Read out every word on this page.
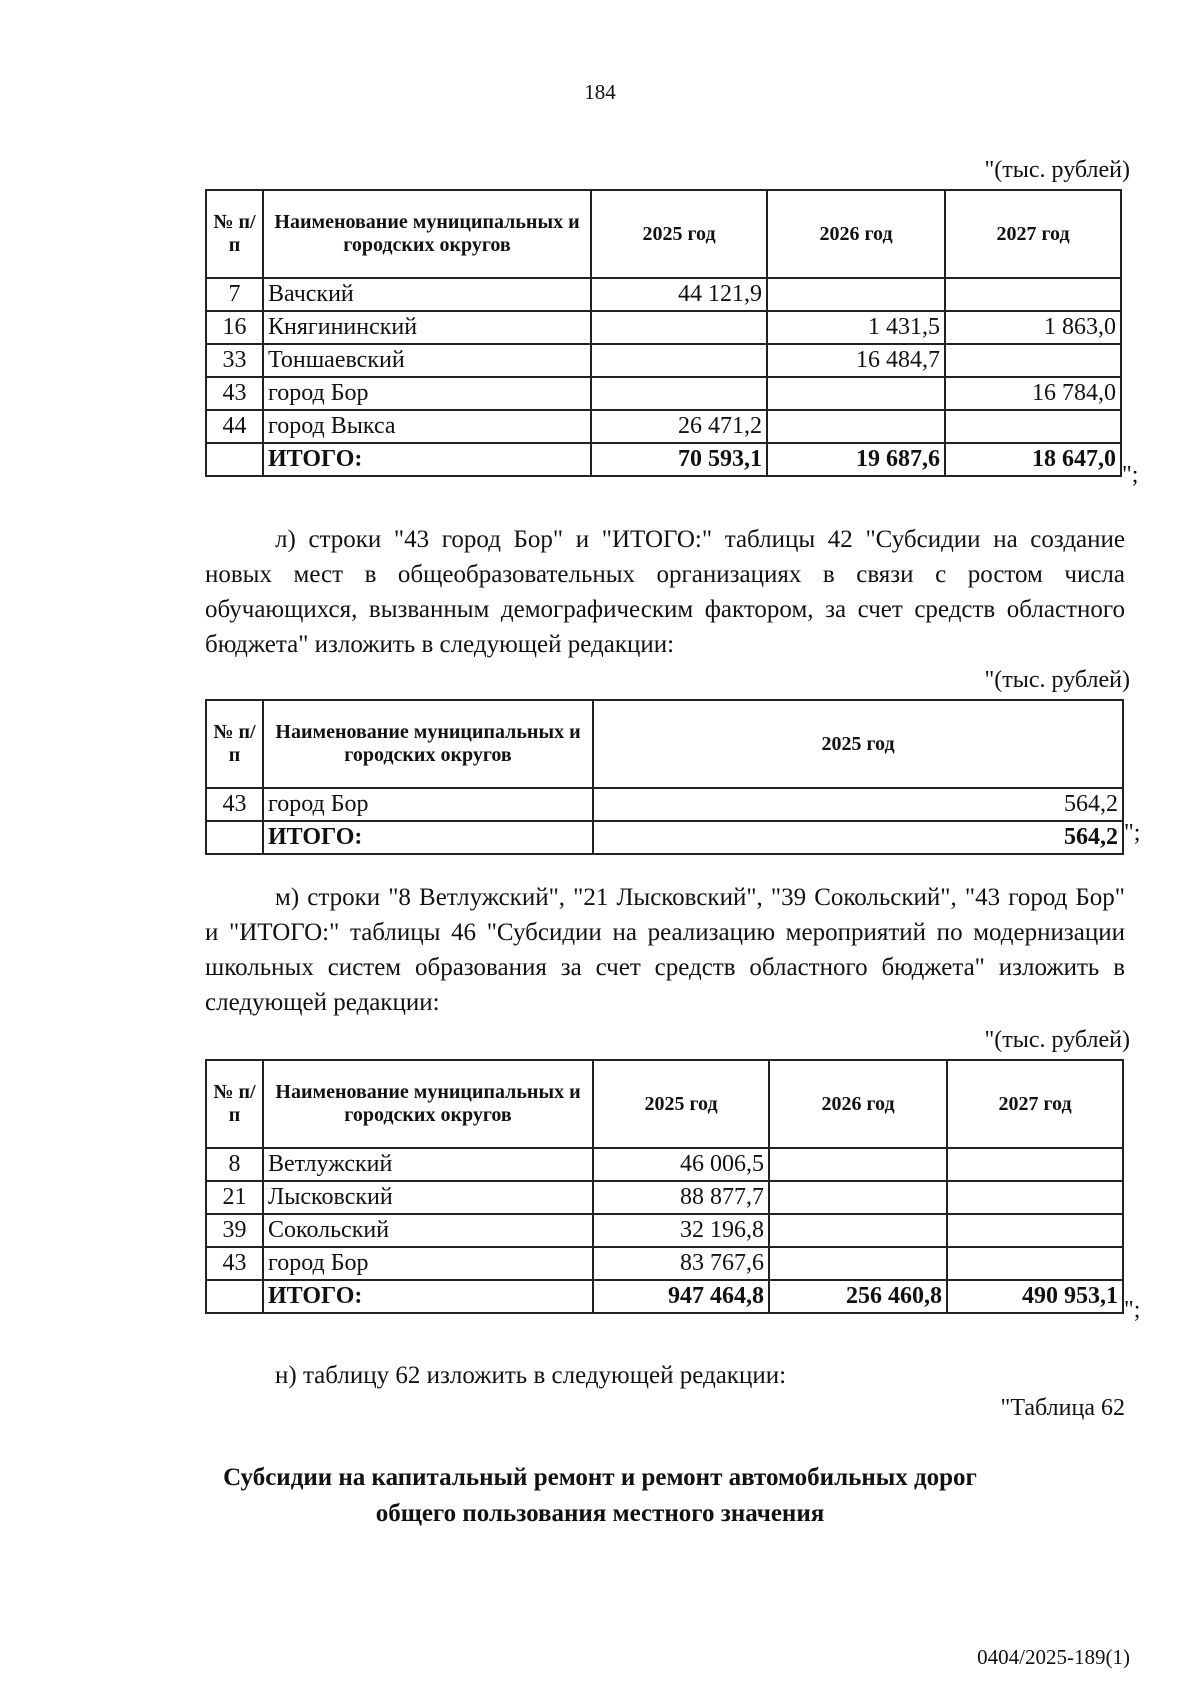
184
"(тыс. рублей)
№ п/п	Наименование муниципальных и городских округов	2025 год	2026 год	2027 год
7	Вачский	44 121,9		
16	Княгининский		1 431,5	1 863,0
33	Тоншаевский		16 484,7	
43	город Бор			16 784,0
44	город Выкса	26 471,2		
	ИТОГО:	70 593,1	19 687,6	18 647,0
";
л) строки "43 город Бор" и "ИТОГО:" таблицы 42 "Субсидии на создание новых мест в общеобразовательных организациях в связи с ростом числа обучающихся, вызванным демографическим фактором, за счет средств областного бюджета" изложить в следующей редакции:
"(тыс. рублей)
№ п/п	Наименование муниципальных и городских округов	2025 год
43	город Бор	564,2
	ИТОГО:	564,2 ";
м) строки "8 Ветлужский", "21 Лысковский", "39 Сокольский", "43 город Бор" и "ИТОГО:" таблицы 46 "Субсидии на реализацию мероприятий по модернизации школьных систем образования за счет средств областного бюджета" изложить в следующей редакции:
"(тыс. рублей)
№ п/п	Наименование муниципальных и городских округов	2025 год	2026 год	2027 год
8	Ветлужский	46 006,5		
21	Лысковский	88 877,7		
39	Сокольский	32 196,8		
43	город Бор	83 767,6		
	ИТОГО:	947 464,8	256 460,8	490 953,1
";
н) таблицу 62 изложить в следующей редакции:
"Таблица 62
Субсидии на капитальный ремонт и ремонт автомобильных дорог
общего пользования местного значения
0404/2025-189(1)
